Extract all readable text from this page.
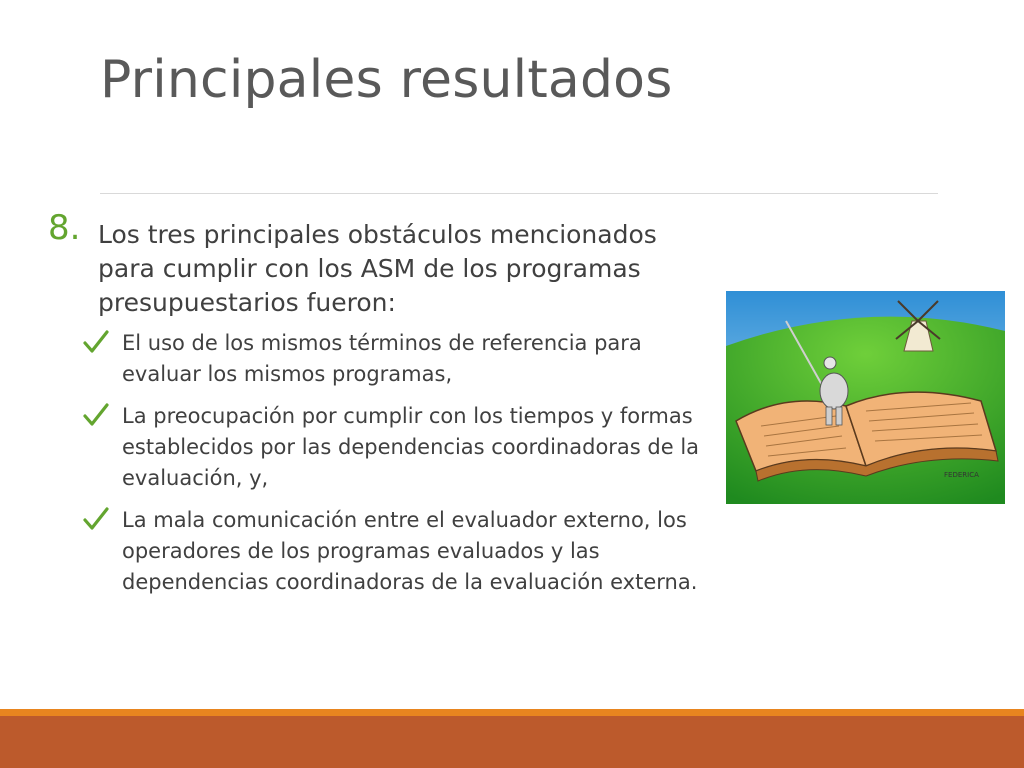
Principales resultados
8. Los tres principales obstáculos mencionados para cumplir con los ASM de los programas presupuestarios fueron:
El uso de los mismos términos de referencia para evaluar los mismos programas,
La preocupación por cumplir con los tiempos y formas establecidos por las dependencias coordinadoras de la evaluación, y,
La mala comunicación entre el evaluador externo, los operadores de los programas evaluados y las dependencias coordinadoras de la evaluación externa.
FEDERICA
